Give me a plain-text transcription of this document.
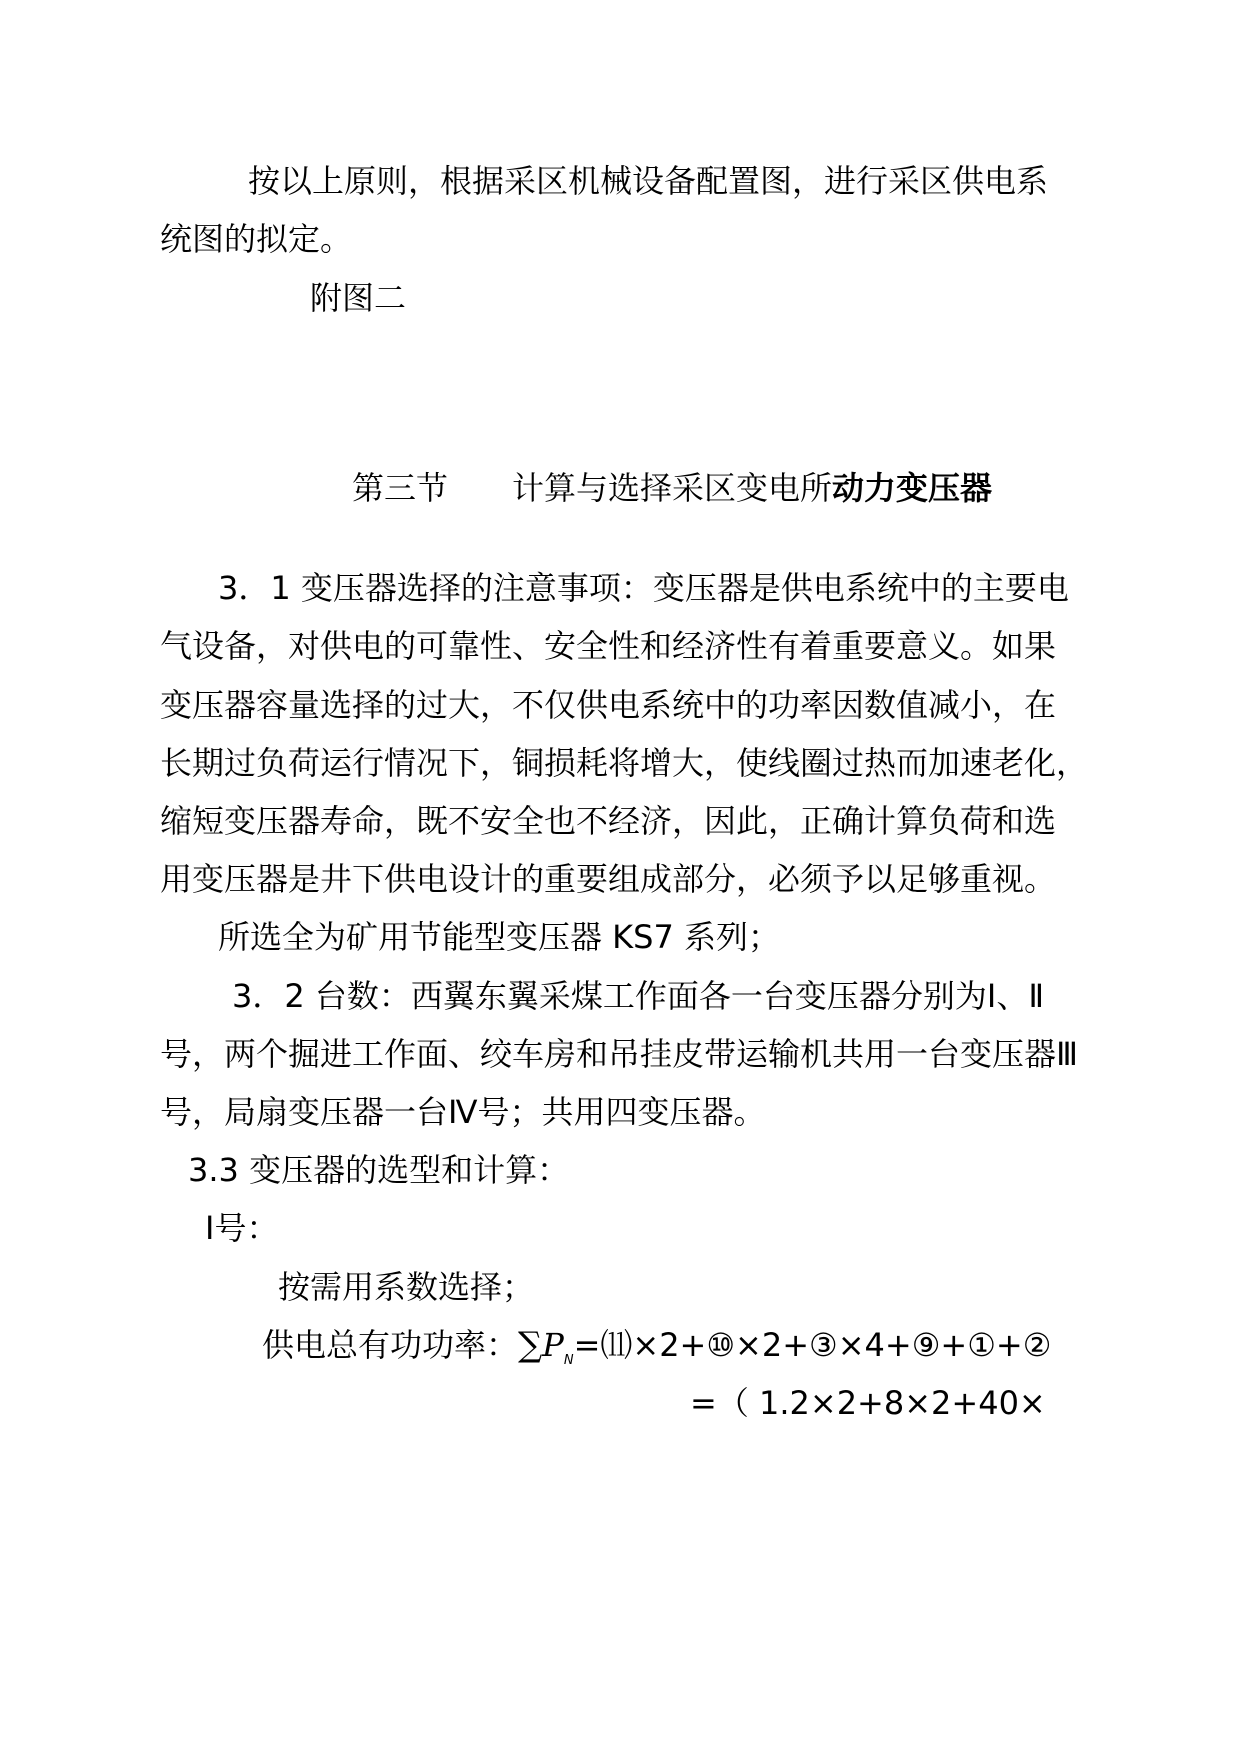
按以上原则，根据采区机械设备配置图，进行采区供电系
统图的拟定。
附图二
第三节 计算与选择采区变电所动力变压器
3．1 变压器选择的注意事项：变压器是供电系统中的主要电
气设备，对供电的可靠性、安全性和经济性有着重要意义。如果
变压器容量选择的过大，不仅供电系统中的功率因数值减小，在
长期过负荷运行情况下，铜损耗将增大，使线圈过热而加速老化，
缩短变压器寿命，既不安全也不经济，因此，正确计算负荷和选
用变压器是井下供电设计的重要组成部分，必须予以足够重视。
所选全为矿用节能型变压器 KS7 系列；
3．2 台数：西翼东翼采煤工作面各一台变压器分别为Ⅰ、Ⅱ
号，两个掘进工作面、绞车房和吊挂皮带运输机共用一台变压器Ⅲ
号，局扇变压器一台Ⅳ号；共用四变压器。
3.3 变压器的选型和计算：
Ⅰ号：
按需用系数选择；
供电总有功功率：$\sum P_N=⑾\times 2+⑩\times 2+③\times 4+⑨+①+②$
=（ 1.2×2+8×2+40×
